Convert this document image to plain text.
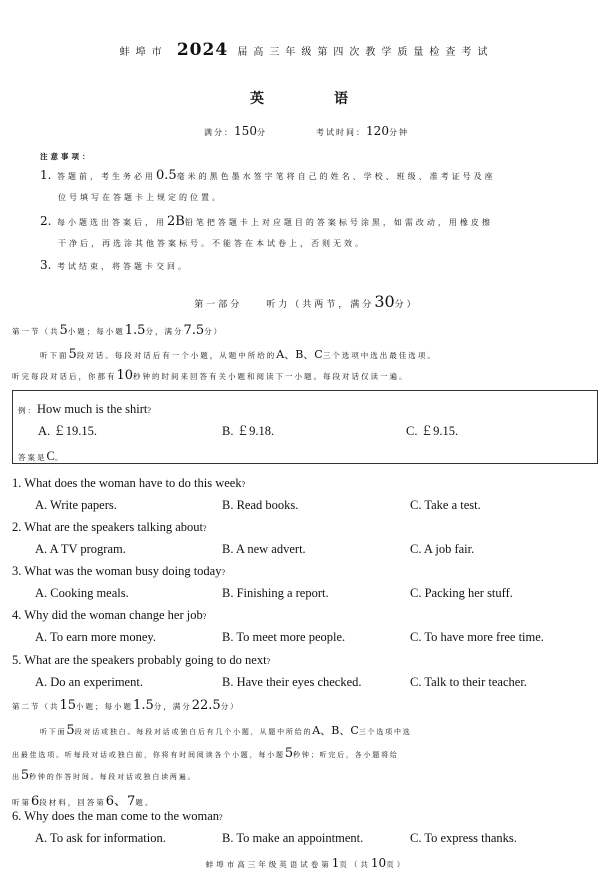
蚌埠市 2024 届高三年级第四次教学质量检查考试
英	语
满分：150分	考试时间：120分钟
注意事项：
1. 答题前，考生务必用0.5毫米的黑色墨水签字笔将自己的姓名、学校、班级、准考证号及座
位号填写在答题卡上规定的位置。
2. 每小题选出答案后，用2B铅笔把答题卡上对应题目的答案标号涂黑，如需改动，用橡皮擦
干净后，再选涂其他答案标号。不能答在本试卷上，否则无效。
3. 考试结束，将答题卡交回。
第一部分　　听力（共两节，满分30分）
第一节（共5小题；每小题1.5分，满分7.5分）
听下面5段对话。每段对话后有一个小题，从题中所给的A、B、C三个选项中选出最佳选项。
听完每段对话后，你都有10秒钟的时间来回答有关小题和阅读下一小题。每段对话仅读一遍。
例：How much is the shirt?
A. ￡19.15.	B. ￡9.18.	C. ￡9.15.
答案是C。
1. What does the woman have to do this week?
A. Write papers.	B. Read books.	C. Take a test.
2. What are the speakers talking about?
A. A TV program.	B. A new advert.	C. A job fair.
3. What was the woman busy doing today?
A. Cooking meals.	B. Finishing a report.	C. Packing her stuff.
4. Why did the woman change her job?
A. To earn more money.	B. To meet more people.	C. To have more free time.
5. What are the speakers probably going to do next?
A. Do an experiment.	B. Have their eyes checked.	C. Talk to their teacher.
第二节（共15小题；每小题1.5分，满分22.5分）
听下面5段对话或独白。每段对话或独白后有几个小题，从题中所给的A、B、C三个选项中选
出最佳选项。听每段对话或独白前，你将有时间阅读各个小题，每小题5秒钟；听完后，各小题将给
出5秒钟的作答时间。每段对话或独白读两遍。
听第6段材料，回答第6、7题。
6. Why does the man come to the woman?
A. To ask for information.	B. To make an appointment.	C. To express thanks.
蚌埠市高三年级英语试卷第1页（共10页）
